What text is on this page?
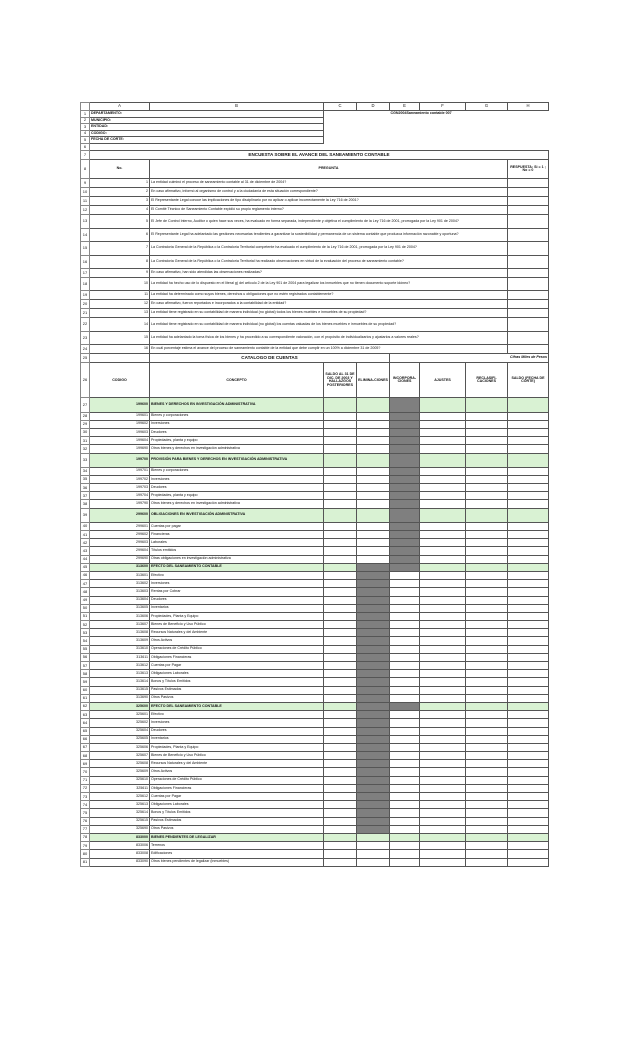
	A	B	C	D	E	F	G	H
1	DEPARTAMENTO:				CGN2004Saneamiento contable 007			
2	MUNICIPIO:							
3	ENTIDAD:							
4	CODIGO:							
5	FECHA DE CORTE:							
6								
7	ENCUESTA SOBRE EL AVANCE DEL SANEAMIENTO CONTABLE							
8	No.	PREGUNTA						RESPUESTA: Si = 1 ; No = 0
9	1	La entidad culminó el proceso de saneamiento contable al 31 de diciembre de 2004?						
10	2	En caso afirmativo, informó al organismo de control y a la ciudadanía de esta situación correspondiente?						
11	3	El Representante Legal conoce las implicaciones de tipo disciplinario por no aplicar o aplicar incorrectamente la Ley 716 de 2001?						
12	4	El Comité Técnico de Saneamiento Contable expidió su propio reglamento interno?						
13	5	El Jefe de Control Interno, Auditor o quien hace sus veces, ha evaluado en forma separada, independiente y objetiva el cumplimiento de la Ley 716 de 2001, prorrogada por la Ley 901 de 2004?						
14	6	El Representante Legal ha adelantado las gestiones necesarias tendientes a garantizar la sostenibilidad y permanencia de un sistema contable que produzca información razonable y oportuna?						
15	7	La Contraloría General de la República o la Contraloría Territorial competente ha evaluado el cumplimiento de la Ley 716 de 2001, prorrogada por la Ley 901 de 2004?						
16	8	La Contraloría General de la República o la Contraloría Territorial ha realizado observaciones en virtud de la evaluación del proceso de saneamiento contable?						
17	9	En caso afirmativo, han sido atendidas las observaciones realizadas?						
18	10	La entidad ha hecho uso de lo dispuesto en el literal g) del artículo 2 de la Ley 901 de 2004 para legalizar los inmuebles que no tienen documento soporte idóneo?						
19	11	La entidad ha determinado como suyos bienes, derechos u obligaciones que no estén registrados contablemente?						
20	12	En caso afirmativo, fueron reportados e incorporados a la contabilidad de la entidad?						
21	13	La entidad tiene registrado en su contabilidad de manera individual (no global) todos los bienes muebles e inmuebles de su propiedad?						
22	14	La entidad tiene registrado en su contabilidad de manera individual (no global) los cuentas valuadas de los bienes muebles e inmuebles de su propiedad?						
23	15	La entidad ha adelantado la toma física de los bienes y ha procedido a su correspondiente valoración, con el propósito de individualizarlos y ajustarlos a valores reales?						
24	16	En cuál porcentaje estima el avance del proceso de saneamiento contable de la entidad que debe cumplir en un 100% a diciembre 31 de 2005?						
25		CATALOGO DE CUENTAS			Cifras Miles de Pesos			
26	CODIGO	CONCEPTO	SALDO AL 31 DE DIC. DE 2003 Y HALLAZGOS POSTERIORES	ELIMINA-CIONES	INCORPORA-CIONES	AJUSTES	RECLASIFI-CACIONES	SALDO (FECHA DE CORTE)
27	199600	BIENES Y DERECHOS EN INVESTIGACIÓN ADMINISTRATIVA						
28	199601	Bienes y corporaciones						
29	199602	Inversiones						
30	199603	Deudores						
31	199604	Propiedades, planta y equipo						
32	199690	Otros bienes y derechos en investigación administrativa						
33	199700	PROVISIÓN PARA BIENES Y DERECHOS EN INVESTIGACIÓN ADMINISTRATIVA						
34	199701	Bienes y corporaciones						
35	199702	Inversiones						
36	199703	Deudores						
37	199704	Propiedades, planta y equipo						
38	199790	Otros bienes y derechos en investigación administrativa						
39	299600	OBLIGACIONES EN INVESTIGACIÓN ADMINISTRATIVA						
40	299601	Cuentas por pagar						
41	299602	Financieras						
42	299603	Laborales						
43	299604	Títulos emitidos						
44	299690	Otras obligaciones en investigación administrativa						
45	313600	EFECTO DEL SANEAMIENTO CONTABLE						
46	313601	Efectivo						
47	313602	Inversiones						
48	313603	Rentas por Cobrar						
49	313604	Deudores						
50	313605	Inventarios						
51	313606	Propiedades, Planta y Equipo						
52	313607	Bienes de Beneficio y Uso Público						
53	313608	Recursos Naturales y del Ambiente						
54	313609	Otros Activos						
55	313610	Operaciones de Crédito Público						
56	313611	Obligaciones Financieras						
57	313612	Cuentas por Pagar						
58	313613	Obligaciones Laborales						
59	313614	Bonos y Títulos Emitidos						
60	313615	Pasivos Estimados						
61	313690	Otros Pasivos						
62	325600	EFECTO DEL SANEAMIENTO CONTABLE						
63	325601	Efectivo						
64	325602	Inversiones						
65	325604	Deudores						
66	325605	Inventarios						
67	325606	Propiedades, Planta y Equipo						
68	325607	Bienes de Beneficio y Uso Público						
69	325608	Recursos Naturales y del Ambiente						
70	325609	Otros Activos						
71	325610	Operaciones de Crédito Público						
72	325611	Obligaciones Financieras						
73	325612	Cuentas por Pagar						
74	325613	Obligaciones Laborales						
75	325614	Bonos y Títulos Emitidos						
76	325615	Pasivos Estimados						
77	325690	Otros Pasivos						
78	833000	BIENES PENDIENTES DE LEGALIZAR						
79	833006	Terrenos						
80	833008	Edificaciones						
81	833090	Otros bienes pendientes de legalizar (inmuebles)						
